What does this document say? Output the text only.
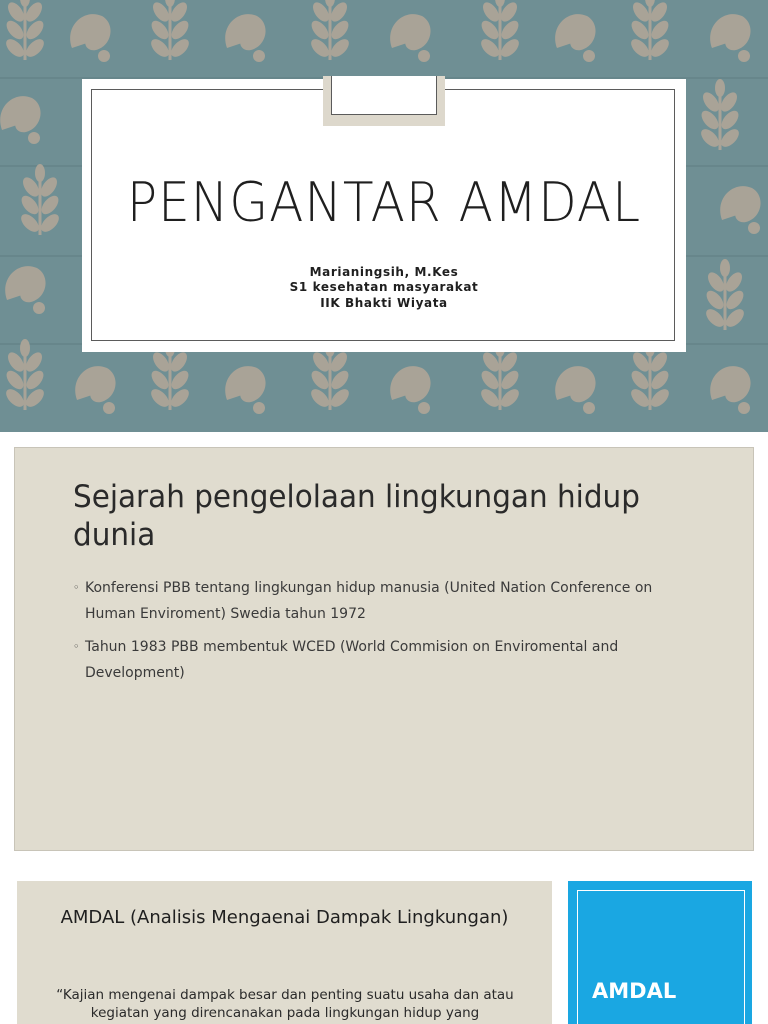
PENGANTAR AMDAL
Marianingsih, M.Kes
S1 kesehatan masyarakat
IIK Bhakti Wiyata
Sejarah pengelolaan lingkungan hidup dunia
◦ Konferensi PBB tentang lingkungan hidup manusia (United Nation Conference on Human Enviroment) Swedia tahun 1972
◦ Tahun 1983 PBB membentuk WCED (World Commision on Enviromental and Development)
AMDAL (Analisis Mengaenai Dampak Lingkungan)
“Kajian mengenai dampak besar dan penting suatu usaha dan atau kegiatan yang direncanakan pada lingkungan hidup yang
AMDAL
